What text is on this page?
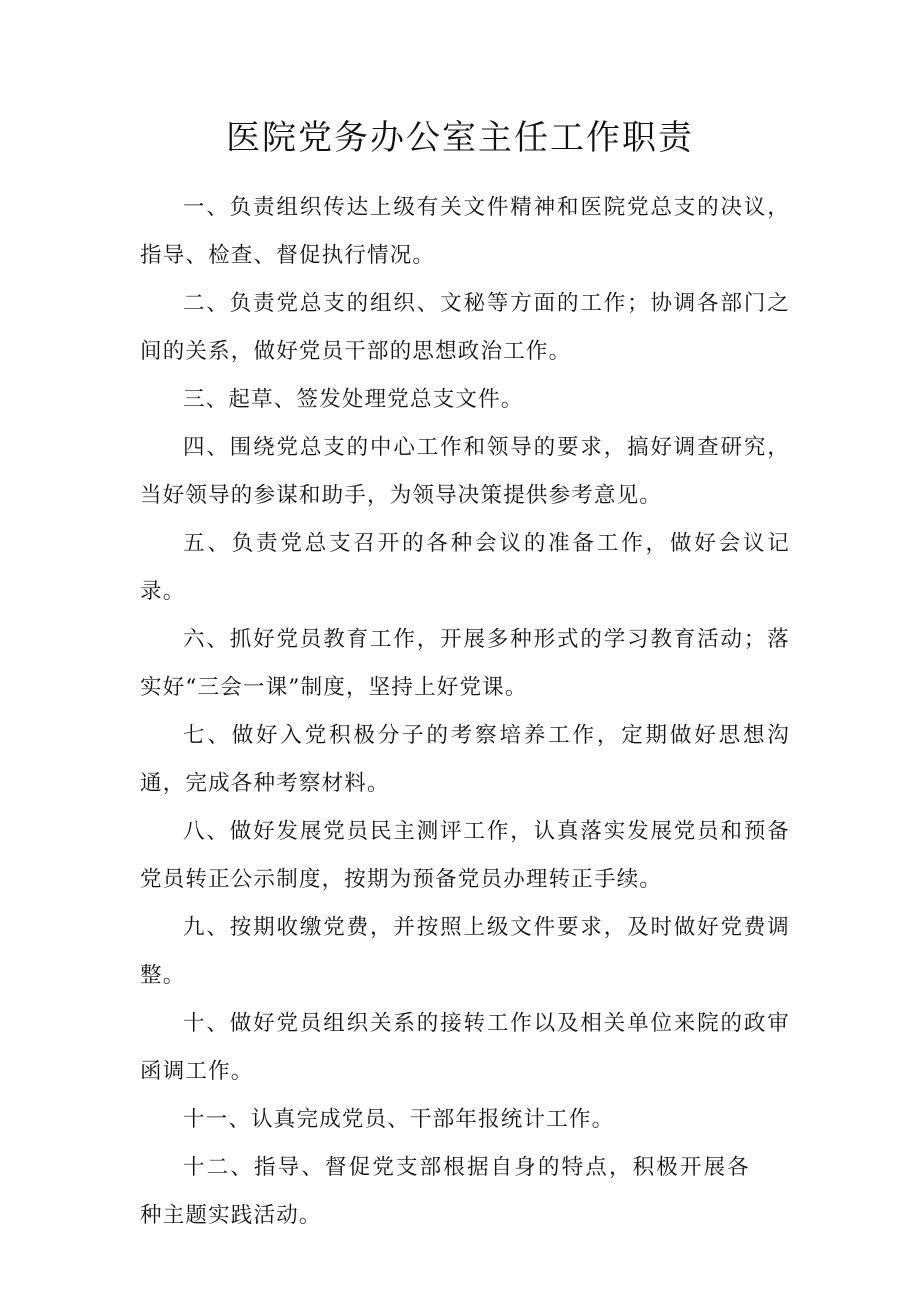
医院党务办公室主任工作职责

一、负责组织传达上级有关文件精神和医院党总支的决议，指导、检查、督促执行情况。

二、负责党总支的组织、文秘等方面的工作；协调各部门之间的关系，做好党员干部的思想政治工作。

三、起草、签发处理党总支文件。

四、围绕党总支的中心工作和领导的要求，搞好调查研究，当好领导的参谋和助手，为领导决策提供参考意见。

五、负责党总支召开的各种会议的准备工作，做好会议记录。

六、抓好党员教育工作，开展多种形式的学习教育活动；落实好“三会一课”制度，坚持上好党课。

七、做好入党积极分子的考察培养工作，定期做好思想沟通，完成各种考察材料。

八、做好发展党员民主测评工作，认真落实发展党员和预备党员转正公示制度，按期为预备党员办理转正手续。

九、按期收缴党费，并按照上级文件要求，及时做好党费调整。

十、做好党员组织关系的接转工作以及相关单位来院的政审函调工作。

十一、认真完成党员、干部年报统计工作。

十二、指导、督促党支部根据自身的特点，积极开展各种主题实践活动。
